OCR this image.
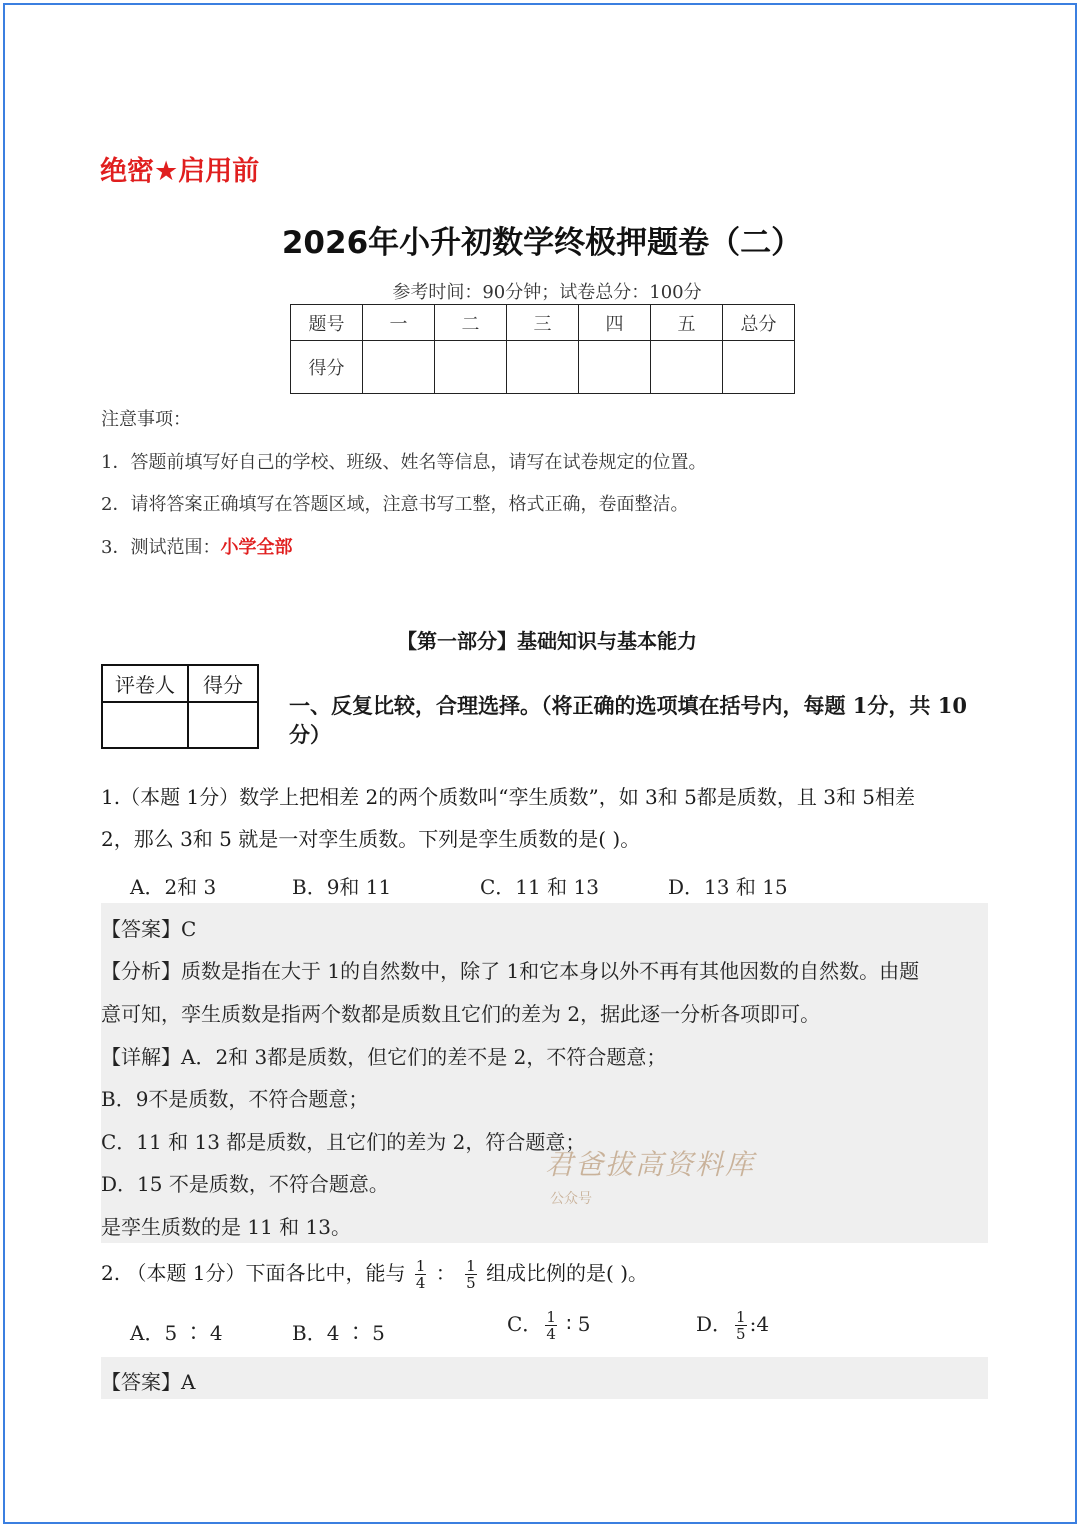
绝密★启用前
2026年小升初数学终极押题卷（二）
参考时间：90分钟；试卷总分：100分
题号	一	二	三	四	五	总分
得分						
注意事项：
1．答题前填写好自己的学校、班级、姓名等信息，请写在试卷规定的位置。
2．请将答案正确填写在答题区域，注意书写工整，格式正确，卷面整洁。
3．测试范围：小学全部
【第一部分】基础知识与基本能力
评卷人	得分

一、反复比较，合理选择。（将正确的选项填在括号内，每题 1分，共 10分）
1.（本题 1分）数学上把相差 2的两个质数叫“孪生质数”，如 3和 5都是质数，且 3和 5相差
2，那么 3和 5 就是一对孪生质数。下列是孪生质数的是( )。
A．2和 3	B．9和 11	C．11 和 13	D．13 和 15
【答案】C
【分析】质数是指在大于 1的自然数中，除了 1和它本身以外不再有其他因数的自然数。由题
意可知，孪生质数是指两个数都是质数且它们的差为 2，据此逐一分析各项即可。
【详解】A．2和 3都是质数，但它们的差不是 2，不符合题意；
B．9不是质数，不符合题意；
C．11 和 13 都是质数，且它们的差为 2，符合题意；
D．15 不是质数，不符合题意。
是孪生质数的是 11 和 13。
君爸拔高资料库
公众号
2. （本题 1分）下面各比中，能与 $\frac{1}{4}$ ： $\frac{1}{5}$ 组成比例的是( )。
A．5 ∶ 4	B．4 ∶ 5	C． $\frac{1}{4}$ ∶ 5	D． $\frac{1}{5}$ :4
【答案】A
